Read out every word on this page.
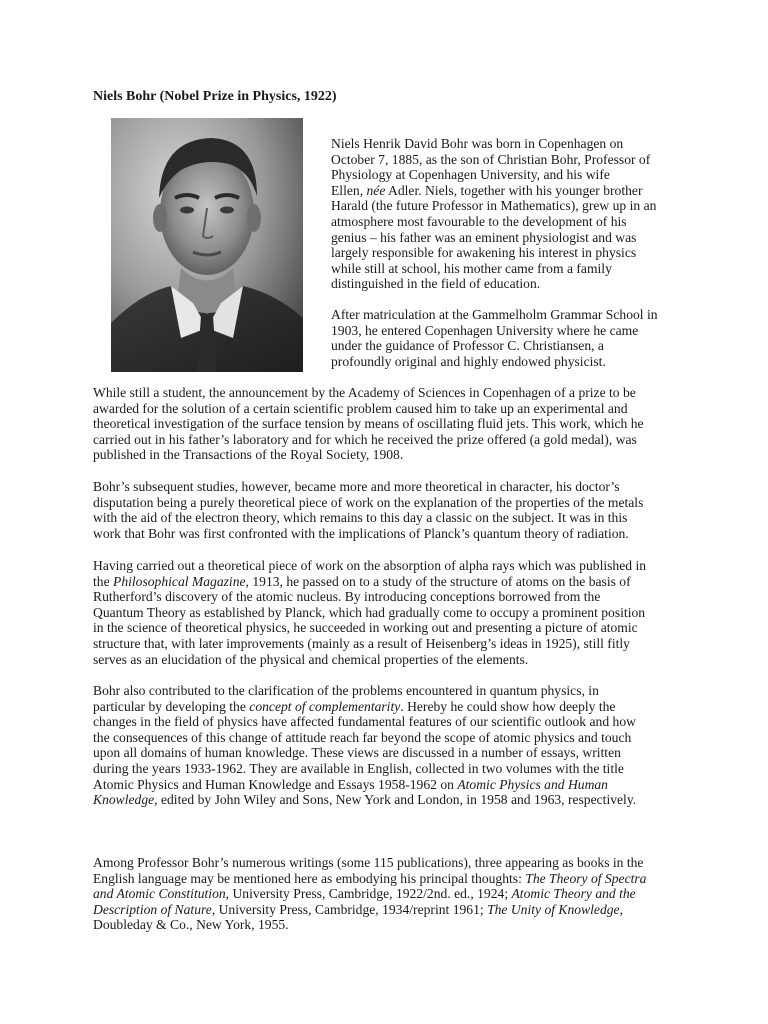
Niels Bohr (Nobel Prize in Physics, 1922)

Niels Henrik David Bohr was born in Copenhagen on
October 7, 1885, as the son of Christian Bohr, Professor of
Physiology at Copenhagen University, and his wife
Ellen, née Adler. Niels, together with his younger brother
Harald (the future Professor in Mathematics), grew up in an
atmosphere most favourable to the development of his
genius – his father was an eminent physiologist and was
largely responsible for awakening his interest in physics
while still at school, his mother came from a family
distinguished in the field of education.

After matriculation at the Gammelholm Grammar School in
1903, he entered Copenhagen University where he came
under the guidance of Professor C. Christiansen, a
profoundly original and highly endowed physicist.

While still a student, the announcement by the Academy of Sciences in Copenhagen of a prize to be
awarded for the solution of a certain scientific problem caused him to take up an experimental and
theoretical investigation of the surface tension by means of oscillating fluid jets. This work, which he
carried out in his father’s laboratory and for which he received the prize offered (a gold medal), was
published in the Transactions of the Royal Society, 1908.

Bohr’s subsequent studies, however, became more and more theoretical in character, his doctor’s
disputation being a purely theoretical piece of work on the explanation of the properties of the metals
with the aid of the electron theory, which remains to this day a classic on the subject. It was in this
work that Bohr was first confronted with the implications of Planck’s quantum theory of radiation.

Having carried out a theoretical piece of work on the absorption of alpha rays which was published in
the Philosophical Magazine, 1913, he passed on to a study of the structure of atoms on the basis of
Rutherford’s discovery of the atomic nucleus. By introducing conceptions borrowed from the
Quantum Theory as established by Planck, which had gradually come to occupy a prominent position
in the science of theoretical physics, he succeeded in working out and presenting a picture of atomic
structure that, with later improvements (mainly as a result of Heisenberg’s ideas in 1925), still fitly
serves as an elucidation of the physical and chemical properties of the elements.

Bohr also contributed to the clarification of the problems encountered in quantum physics, in
particular by developing the concept of complementarity. Hereby he could show how deeply the
changes in the field of physics have affected fundamental features of our scientific outlook and how
the consequences of this change of attitude reach far beyond the scope of atomic physics and touch
upon all domains of human knowledge. These views are discussed in a number of essays, written
during the years 1933-1962. They are available in English, collected in two volumes with the title
Atomic Physics and Human Knowledge and Essays 1958-1962 on Atomic Physics and Human
Knowledge, edited by John Wiley and Sons, New York and London, in 1958 and 1963, respectively.

Among Professor Bohr’s numerous writings (some 115 publications), three appearing as books in the
English language may be mentioned here as embodying his principal thoughts: The Theory of Spectra
and Atomic Constitution, University Press, Cambridge, 1922/2nd. ed., 1924; Atomic Theory and the
Description of Nature, University Press, Cambridge, 1934/reprint 1961; The Unity of Knowledge,
Doubleday & Co., New York, 1955.
